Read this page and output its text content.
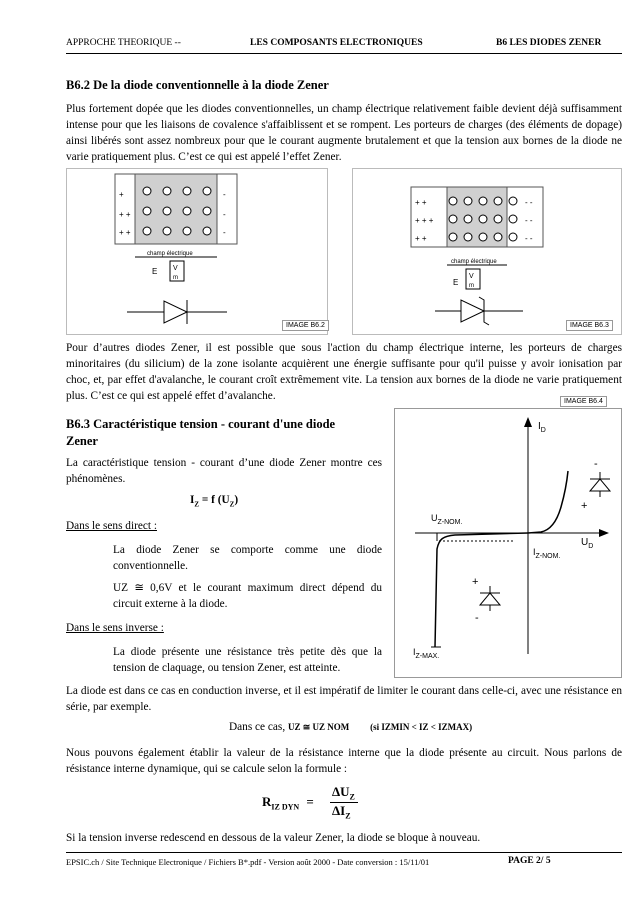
APPROCHE THEORIQUE --	LES COMPOSANTS ELECTRONIQUES	B6 LES DIODES ZENER
B6.2 De la diode conventionnelle à la diode Zener
Plus fortement dopée que les diodes conventionnelles, un champ électrique relativement faible devient déjà suffisamment intense pour que les liaisons de covalence s'affaiblissent et se rompent. Les porteurs de charges (des éléments de dopage) ainsi libérés sont assez nombreux pour que le courant augmente brutalement et que la tension aux bornes de la diode ne varie pratiquement plus. C’est ce qui est appelé l’effet Zener.
+
+ +
+ +
-
-
-
champ électrique
E V
m
IMAGE B6.2
+ +
+ + +
+ +
- -
- -
- -
champ électrique
E
V
m
IMAGE B6.3
Pour d’autres diodes Zener, il est possible que sous l'action du champ électrique interne, les porteurs de charges minoritaires (du silicium) de la zone isolante acquièrent une énergie suffisante pour qu'il puisse y avoir ionisation par choc, et, par effet d'avalanche, le courant croît extrêmement vite. La tension aux bornes de la diode ne varie pratiquement plus. C’est ce qui est appelé effet d’avalanche.	IMAGE B6.4
B6.3 Caractéristique tension - courant d'une diode
Zener
La caractéristique tension - courant d’une diode Zener montre ces phénomènes.
$I_Z = f$ $(U_Z)$
Dans le sens direct :
La diode Zener se comporte comme une diode conventionnelle.
UZ ≅ 0,6V et le courant maximum direct dépend du circuit externe à la diode.
Dans le sens inverse :
La diode présente une résistance très petite dès que la tension de claquage, ou tension Zener, est atteinte.
$I_D$
$U_D$
$U_{Z-NOM.}$
$I_{Z-NOM.}$
$I_{Z-MAX.}$
-
+
+
-
La diode est dans ce cas en conduction inverse, et il est impératif de limiter le courant dans celle-ci, avec une résistance en série, par exemple.
Dans ce cas, UZ ≅ UZ NOM (si IZMIN < IZ < IZMAX)
Nous pouvons également établir la valeur de la résistance interne que la diode présente au circuit. Nous parlons de résistance interne dynamique, qui se calcule selon la formule :
$R_{IZ DYN}$ =
$\Delta U_Z$
$\Delta I_Z$
Si la tension inverse redescend en dessous de la valeur Zener, la diode se bloque à nouveau.
EPSIC.ch / Site Technique Electronique / Fichiers B*.pdf - Version août 2000 - Date conversion : 15/11/01	PAGE 2/ 5
